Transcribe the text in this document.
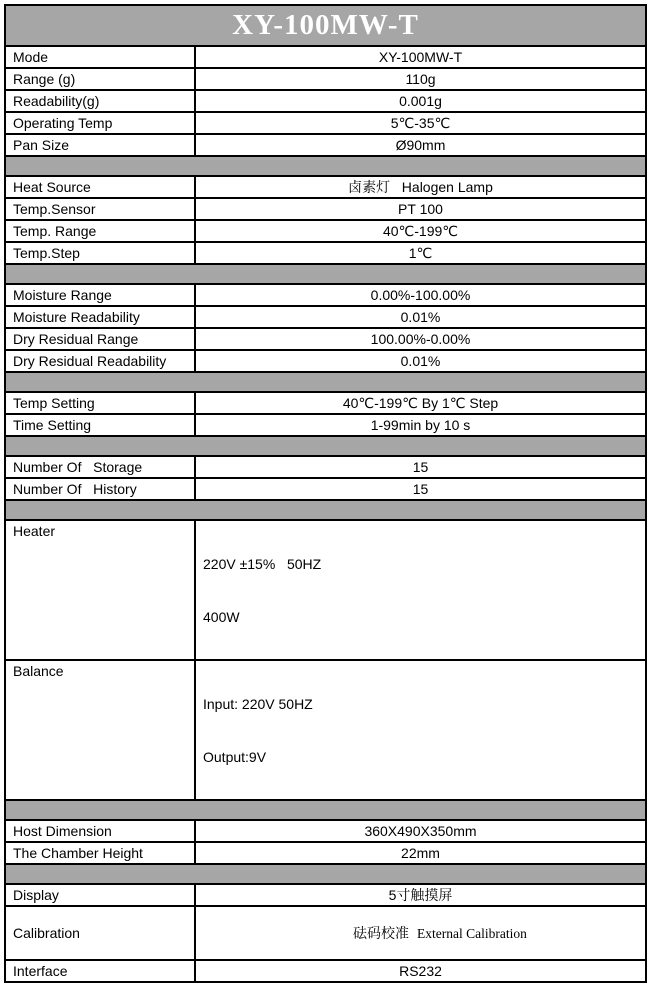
XY-100MW-T	
Mode	XY-100MW-T
Range (g)	110g
Readability(g)	0.001g
Operating Temp	5℃-35℃
Pan Size	Ø90mm

Heat Source	卤素灯   Halogen Lamp
Temp.Sensor	PT 100
Temp. Range	40℃-199℃
Temp.Step	1℃

Moisture Range	0.00%-100.00%
Moisture Readability	0.01%
Dry Residual Range	100.00%-0.00%
Dry Residual Readability	0.01%

Temp Setting	40℃-199℃ By 1℃ Step
Time Setting	1-99min by 10 s

Number Of   Storage	15
Number Of   History	15

Heater	220V ±15%   50HZ

400W

Balance	Input: 220V 50HZ

Output:9V

Host Dimension	360X490X350mm
The Chamber Height	22mm

Display	5寸触摸屏
Calibration	砝码校准 External Calibration

Interface	RS232
